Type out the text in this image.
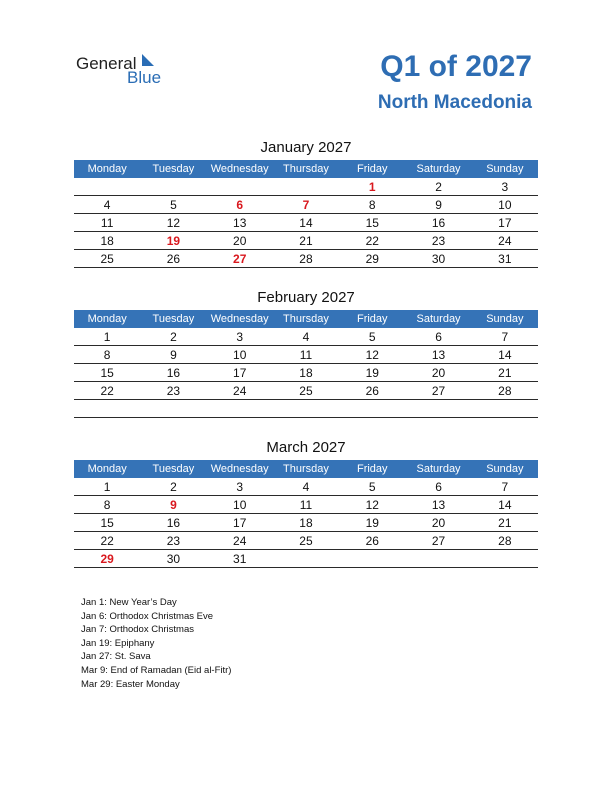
General
Blue	Q1 of 2027
North Macedonia
January 2027
Monday	Tuesday	Wednesday	Thursday	Friday	Saturday	Sunday
				1	2	3
4	5	6	7	8	9	10
11	12	13	14	15	16	17
18	19	20	21	22	23	24
25	26	27	28	29	30	31
February 2027
Monday	Tuesday	Wednesday	Thursday	Friday	Saturday	Sunday
1	2	3	4	5	6	7
8	9	10	11	12	13	14
15	16	17	18	19	20	21
22	23	24	25	26	27	28

March 2027
Monday	Tuesday	Wednesday	Thursday	Friday	Saturday	Sunday
1	2	3	4	5	6	7
8	9	10	11	12	13	14
15	16	17	18	19	20	21
22	23	24	25	26	27	28
29	30	31				
Jan 1: New Year’s Day
Jan 6: Orthodox Christmas Eve
Jan 7: Orthodox Christmas
Jan 19: Epiphany
Jan 27: St. Sava
Mar 9: End of Ramadan (Eid al-Fitr)
Mar 29: Easter Monday
